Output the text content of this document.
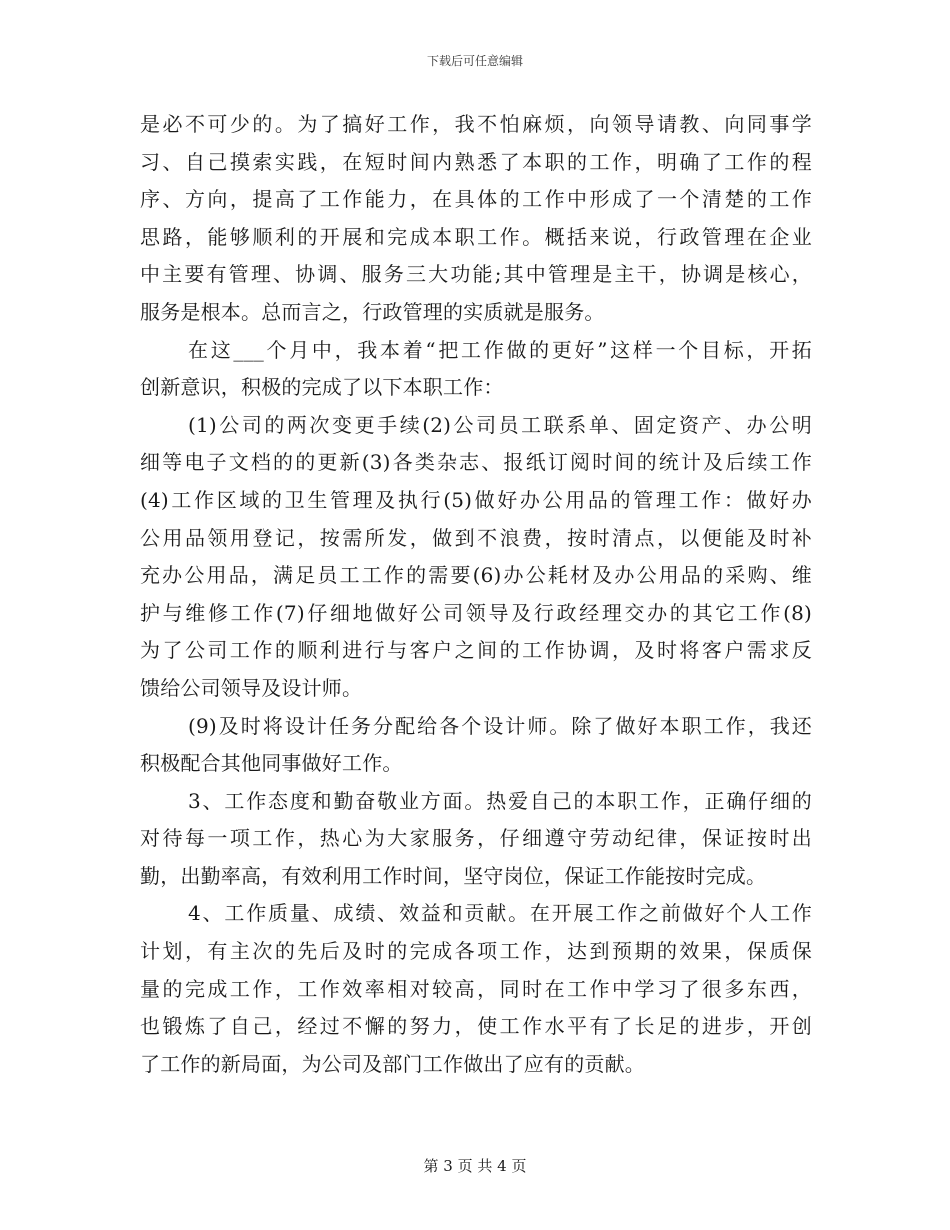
下载后可任意编辑
是必不可少的。为了搞好工作，我不怕麻烦，向领导请教、向同事学
习、自己摸索实践，在短时间内熟悉了本职的工作，明确了工作的程
序、方向，提高了工作能力，在具体的工作中形成了一个清楚的工作
思路，能够顺利的开展和完成本职工作。概括来说，行政管理在企业
中主要有管理、协调、服务三大功能;其中管理是主干，协调是核心，
服务是根本。总而言之，行政管理的实质就是服务。
在这___个月中，我本着“把工作做的更好”这样一个目标，开拓
创新意识，积极的完成了以下本职工作：
(1)公司的两次变更手续(2)公司员工联系单、固定资产、办公明
细等电子文档的的更新(3)各类杂志、报纸订阅时间的统计及后续工作
(4)工作区域的卫生管理及执行(5)做好办公用品的管理工作：做好办
公用品领用登记，按需所发，做到不浪费，按时清点，以便能及时补
充办公用品，满足员工工作的需要(6)办公耗材及办公用品的采购、维
护与维修工作(7)仔细地做好公司领导及行政经理交办的其它工作(8)
为了公司工作的顺利进行与客户之间的工作协调，及时将客户需求反
馈给公司领导及设计师。
(9)及时将设计任务分配给各个设计师。除了做好本职工作，我还
积极配合其他同事做好工作。
3、工作态度和勤奋敬业方面。热爱自己的本职工作，正确仔细的
对待每一项工作，热心为大家服务，仔细遵守劳动纪律，保证按时出
勤，出勤率高，有效利用工作时间，坚守岗位，保证工作能按时完成。
4、工作质量、成绩、效益和贡献。在开展工作之前做好个人工作
计划，有主次的先后及时的完成各项工作，达到预期的效果，保质保
量的完成工作，工作效率相对较高，同时在工作中学习了很多东西，
也锻炼了自己，经过不懈的努力，使工作水平有了长足的进步，开创
了工作的新局面，为公司及部门工作做出了应有的贡献。
第 3 页 共 4 页
